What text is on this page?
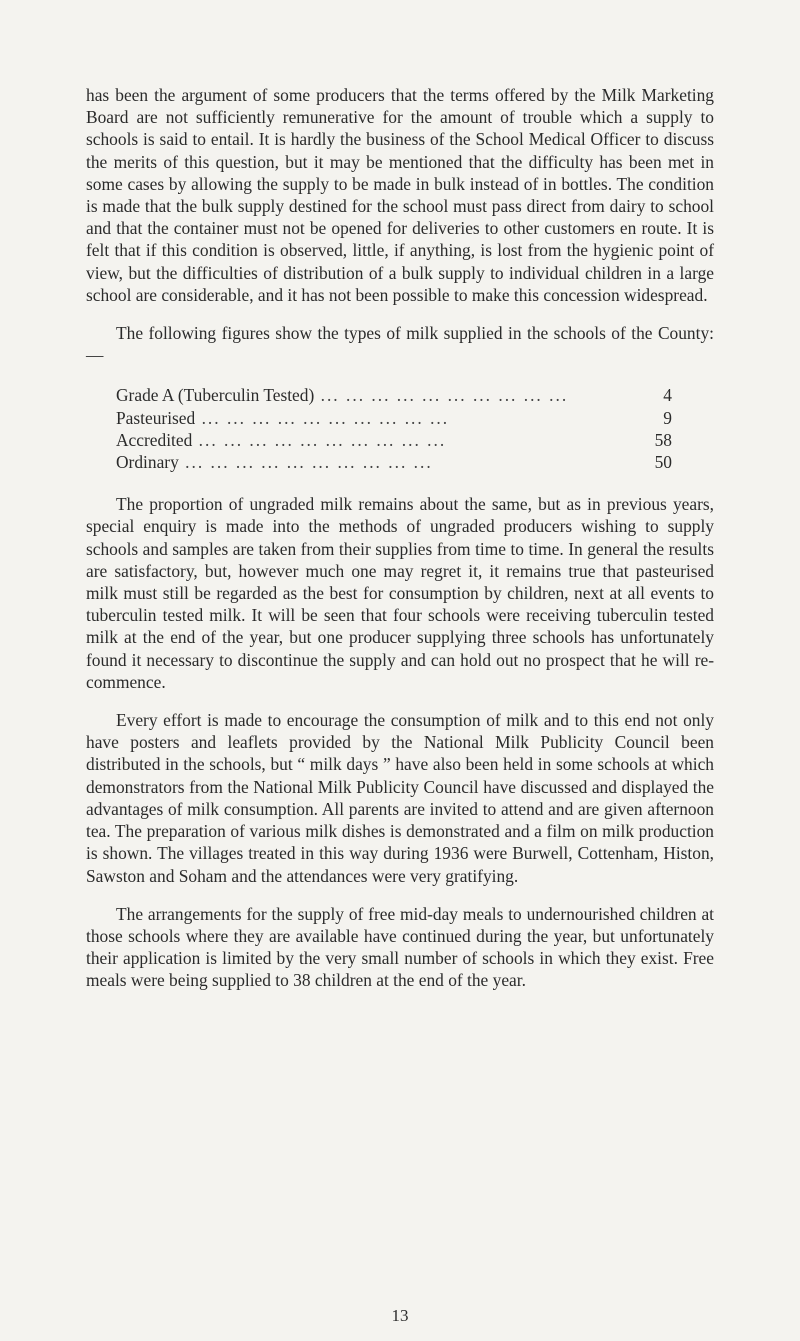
has been the argument of some producers that the terms offered by the Milk Marketing Board are not sufficiently remunerative for the amount of trouble which a supply to schools is said to entail. It is hardly the business of the School Medical Officer to discuss the merits of this question, but it may be mentioned that the difficulty has been met in some cases by allowing the supply to be made in bulk instead of in bottles. The condition is made that the bulk supply destined for the school must pass direct from dairy to school and that the container must not be opened for deliveries to other customers en route. It is felt that if this condition is observed, little, if anything, is lost from the hygienic point of view, but the difficulties of distribution of a bulk supply to individual children in a large school are considerable, and it has not been possible to make this concession widespread.

The following figures show the types of milk supplied in the schools of the County:—

Grade A (Tuberculin Tested) ... .	4
Pasteurised ... .	9
Accredited ... .	58
Ordinary ... .	50

The proportion of ungraded milk remains about the same, but as in previous years, special enquiry is made into the methods of ungraded producers wishing to supply schools and samples are taken from their supplies from time to time. In general the results are satisfactory, but, however much one may regret it, it remains true that pasteurised milk must still be regarded as the best for consumption by children, next at all events to tuberculin tested milk. It will be seen that four schools were receiving tuberculin tested milk at the end of the year, but one producer supplying three schools has unfortunately found it necessary to discontinue the supply and can hold out no prospect that he will re-commence.

Every effort is made to encourage the consumption of milk and to this end not only have posters and leaflets provided by the National Milk Publicity Council been distributed in the schools, but “ milk days ” have also been held in some schools at which demonstrators from the National Milk Publicity Council have discussed and displayed the advantages of milk consumption. All parents are invited to attend and are given afternoon tea. The preparation of various milk dishes is demonstrated and a film on milk production is shown. The villages treated in this way during 1936 were Burwell, Cottenham, Histon, Sawston and Soham and the attendances were very gratifying.

The arrangements for the supply of free mid-day meals to undernourished children at those schools where they are available have continued during the year, but unfortunately their application is limited by the very small number of schools in which they exist. Free meals were being supplied to 38 children at the end of the year.

13
